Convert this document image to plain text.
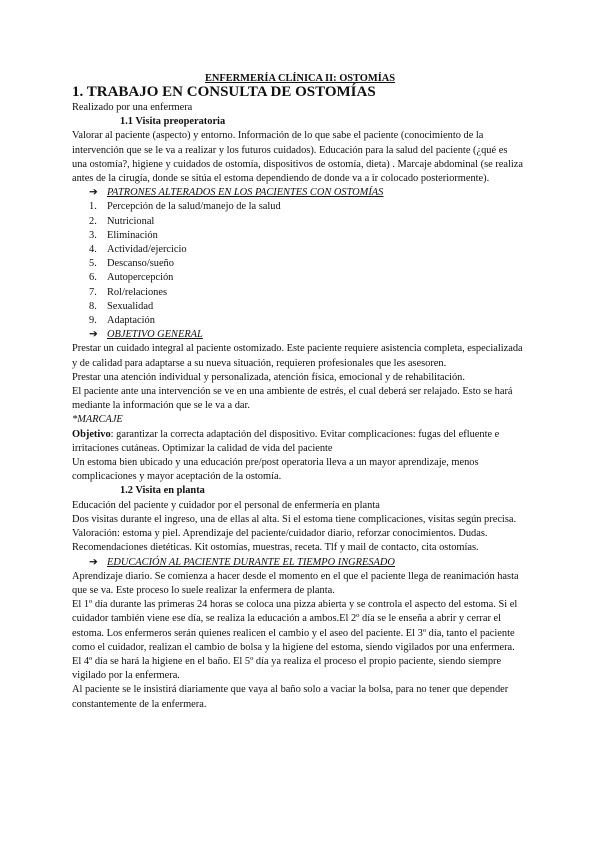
ENFERMERÍA CLÍNICA II: OSTOMÍAS

1. TRABAJO EN CONSULTA DE OSTOMÍAS

Realizado por una enfermera

1.1 Visita preoperatoria

Valorar al paciente (aspecto) y entorno. Información de lo que sabe el paciente (conocimiento de la intervención que se le va a realizar y los futuros cuidados). Educación para la salud del paciente (¿qué es una ostomía?, higiene y cuidados de ostomía, dispositivos de ostomía, dieta) . Marcaje abdominal (se realiza antes de la cirugía, donde se sitúa el estoma dependiendo de donde va a ir colocado posteriormente).

➔ PATRONES ALTERADOS EN LOS PACIENTES CON OSTOMÍAS

1. Percepción de la salud/manejo de la salud
2. Nutricional
3. Eliminación
4. Actividad/ejercicio
5. Descanso/sueño
6. Autopercepción
7. Rol/relaciones
8. Sexualidad
9. Adaptación

➔ OBJETIVO GENERAL

Prestar un cuidado integral al paciente ostomizado. Este paciente requiere asistencia completa, especializada y de calidad para adaptarse a su nueva situación, requieren profesionales que les asesoren.

Prestar una atención individual y personalizada, atención física, emocional y de rehabilitación.

El paciente ante una intervención se ve en una ambiente de estrés, el cual deberá ser relajado. Esto se hará mediante la información que se le va a dar.

*MARCAJE

Objetivo: garantizar la correcta adaptación del dispositivo. Evitar complicaciones: fugas del efluente e irritaciones cutáneas. Optimizar la calidad de vida del paciente

Un estoma bien ubicado y una educación pre/post operatoria lleva a un mayor aprendizaje, menos complicaciones y mayor aceptación de la ostomía.

1.2 Visita en planta

Educación del paciente y cuidador por el personal de enfermería en planta

Dos visitas durante el ingreso, una de ellas al alta. Si el estoma tiene complicaciones, visitas según precisa. Valoración: estoma y piel. Aprendizaje del paciente/cuidador diario, reforzar conocimientos. Dudas. Recomendaciones dietéticas. Kit ostomías, muestras, receta. Tlf y mail de contacto, cita ostomías.

➔ EDUCACIÓN AL PACIENTE DURANTE EL TIEMPO INGRESADO

Aprendizaje diario. Se comienza a hacer desde el momento en el que el paciente llega de reanimación hasta que se va. Este proceso lo suele realizar la enfermera de planta.

El 1º día durante las primeras 24 horas se coloca una pizza abierta y se controla el aspecto del estoma. Si el cuidador también viene ese día, se realiza la educación a ambos.El 2º día se le enseña a abrir y cerrar el estoma. Los enfermeros serán quienes realicen el cambio y el aseo del paciente. El 3º día, tanto el paciente como el cuidador, realizan el cambio de bolsa y la higiene del estoma, siendo vigilados por una enfermera. El 4º día se hará la higiene en el baño. El 5º día ya realiza el proceso el propio paciente, siendo siempre vigilado por la enfermera.

Al paciente se le insistirá diariamente que vaya al baño solo a vaciar la bolsa, para no tener que depender constantemente de la enfermera.
